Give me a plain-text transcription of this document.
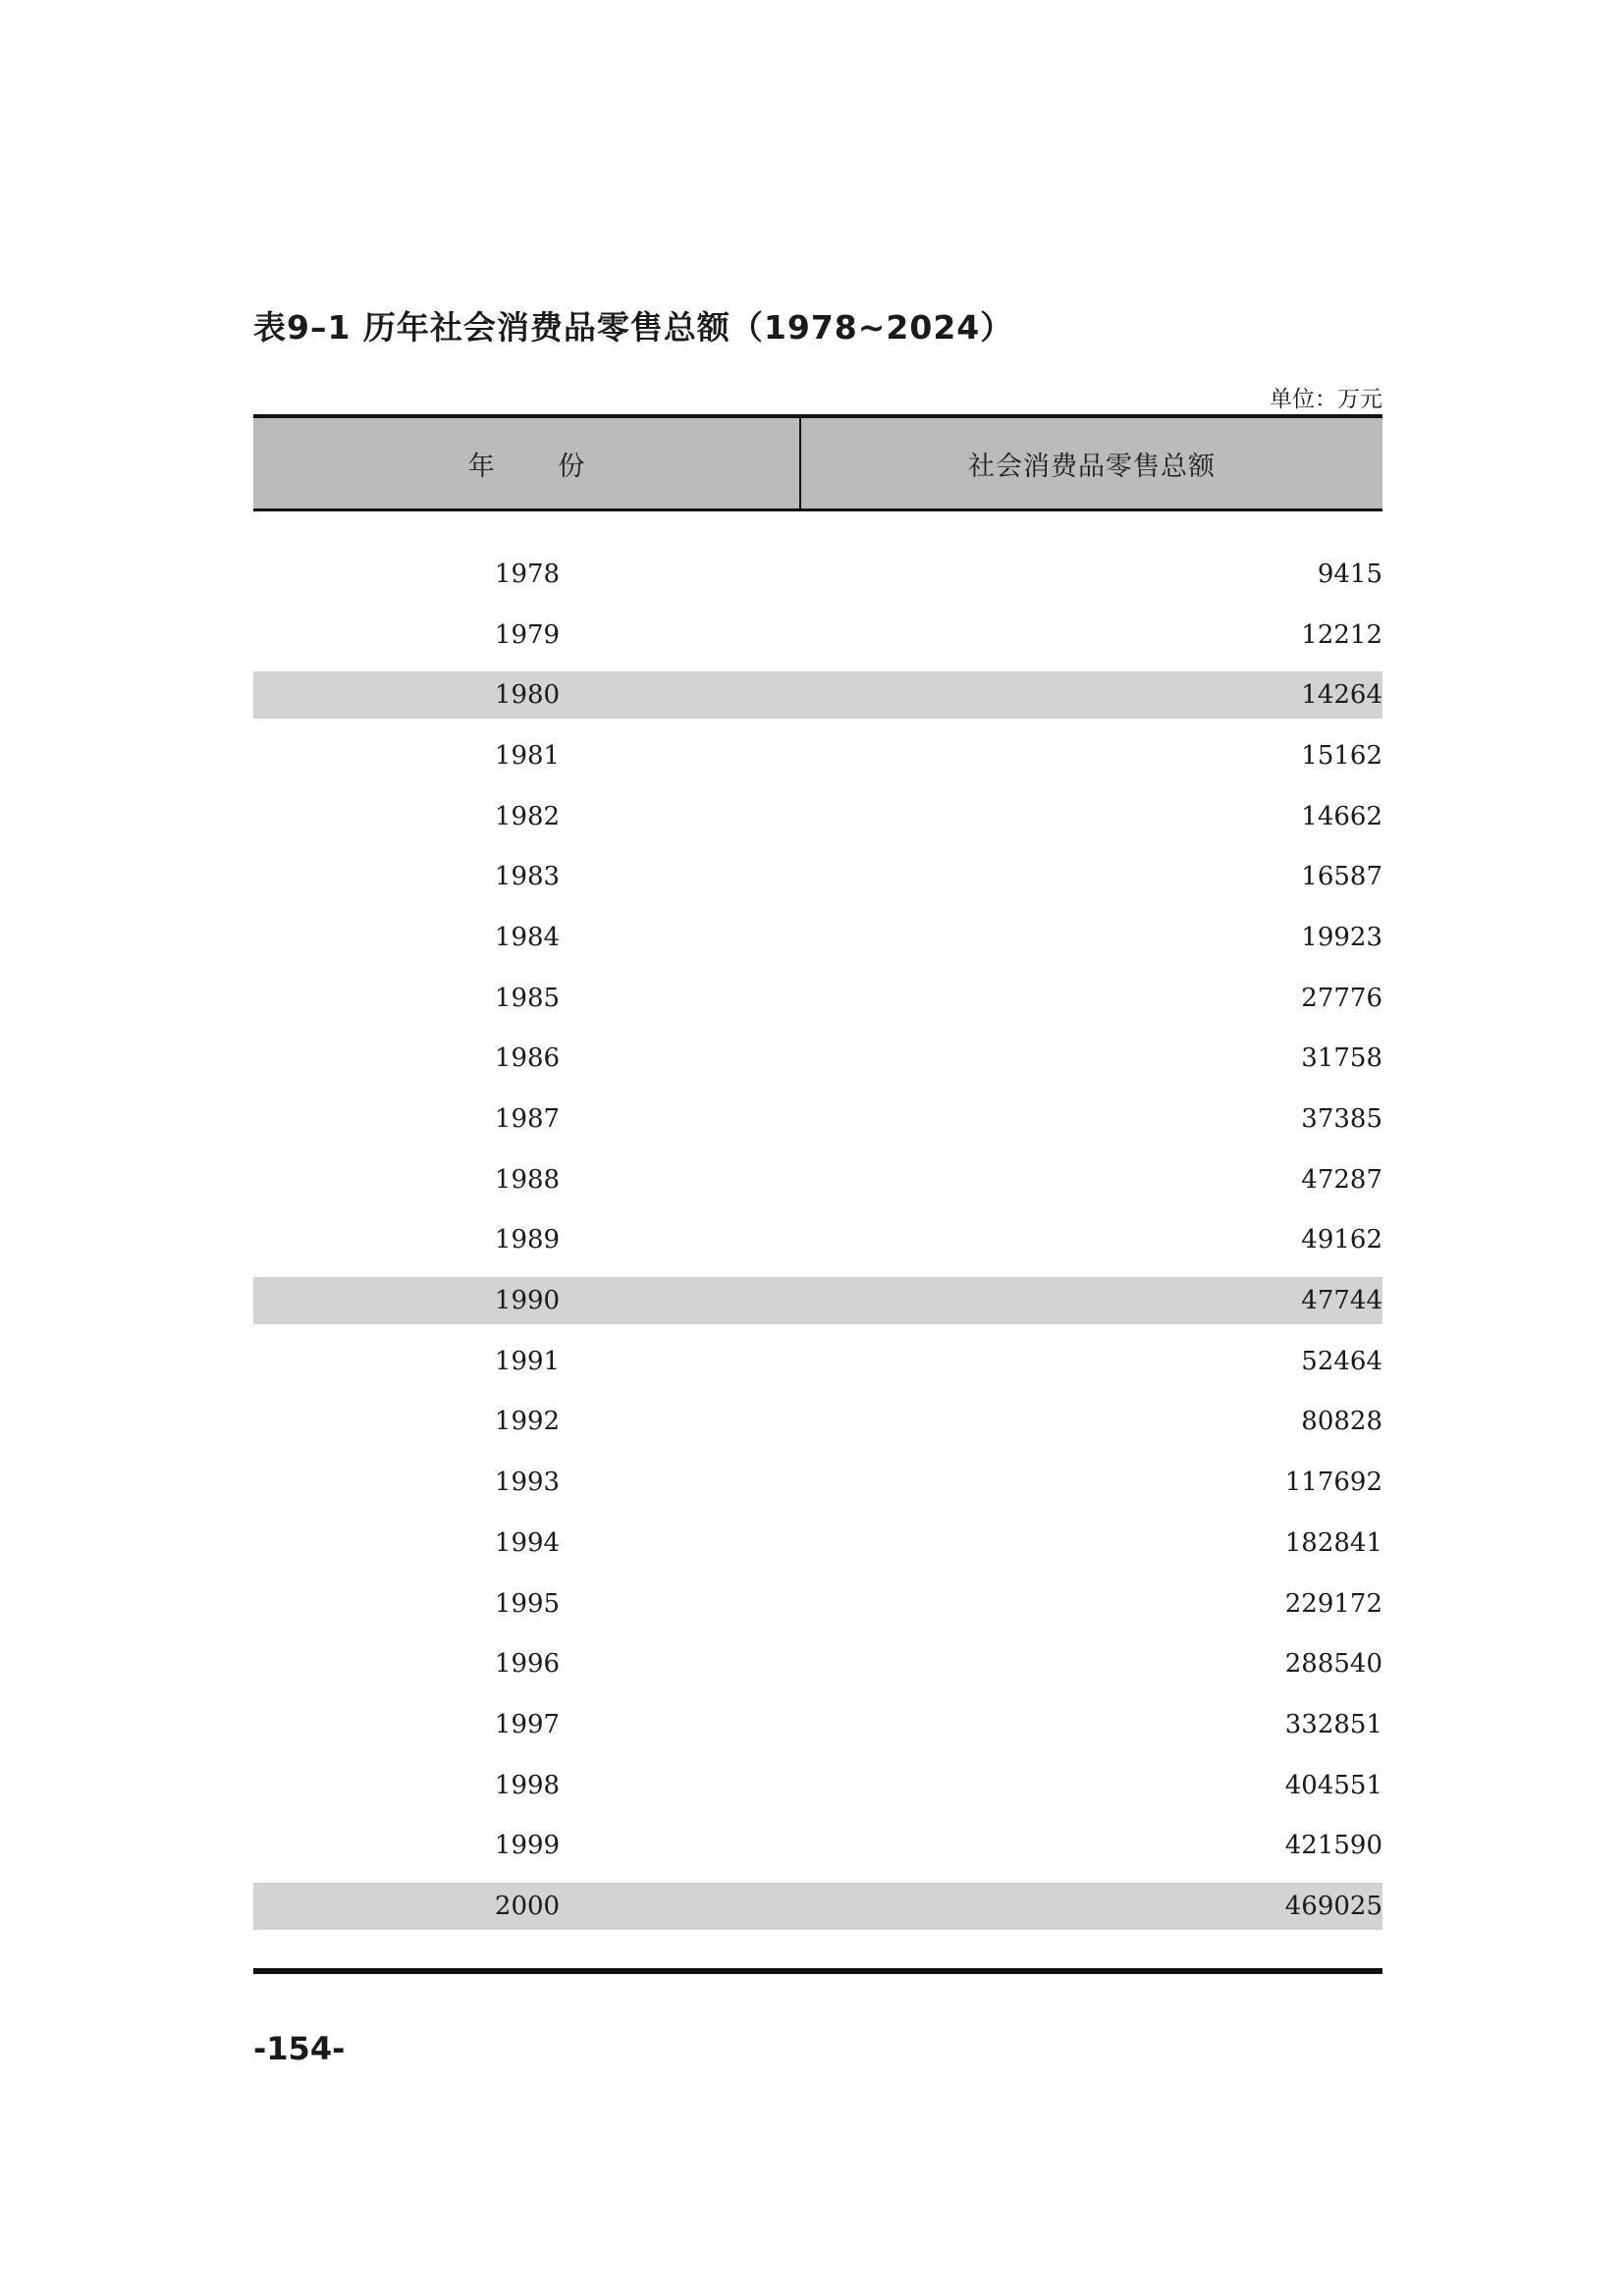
表9–1 历年社会消费品零售总额（1978~2024）
单位：万元
年 份	社会消费品零售总额
1978	9415
1979	12212
1980	14264
1981	15162
1982	14662
1983	16587
1984	19923
1985	27776
1986	31758
1987	37385
1988	47287
1989	49162
1990	47744
1991	52464
1992	80828
1993	117692
1994	182841
1995	229172
1996	288540
1997	332851
1998	404551
1999	421590
2000	469025
-154-
